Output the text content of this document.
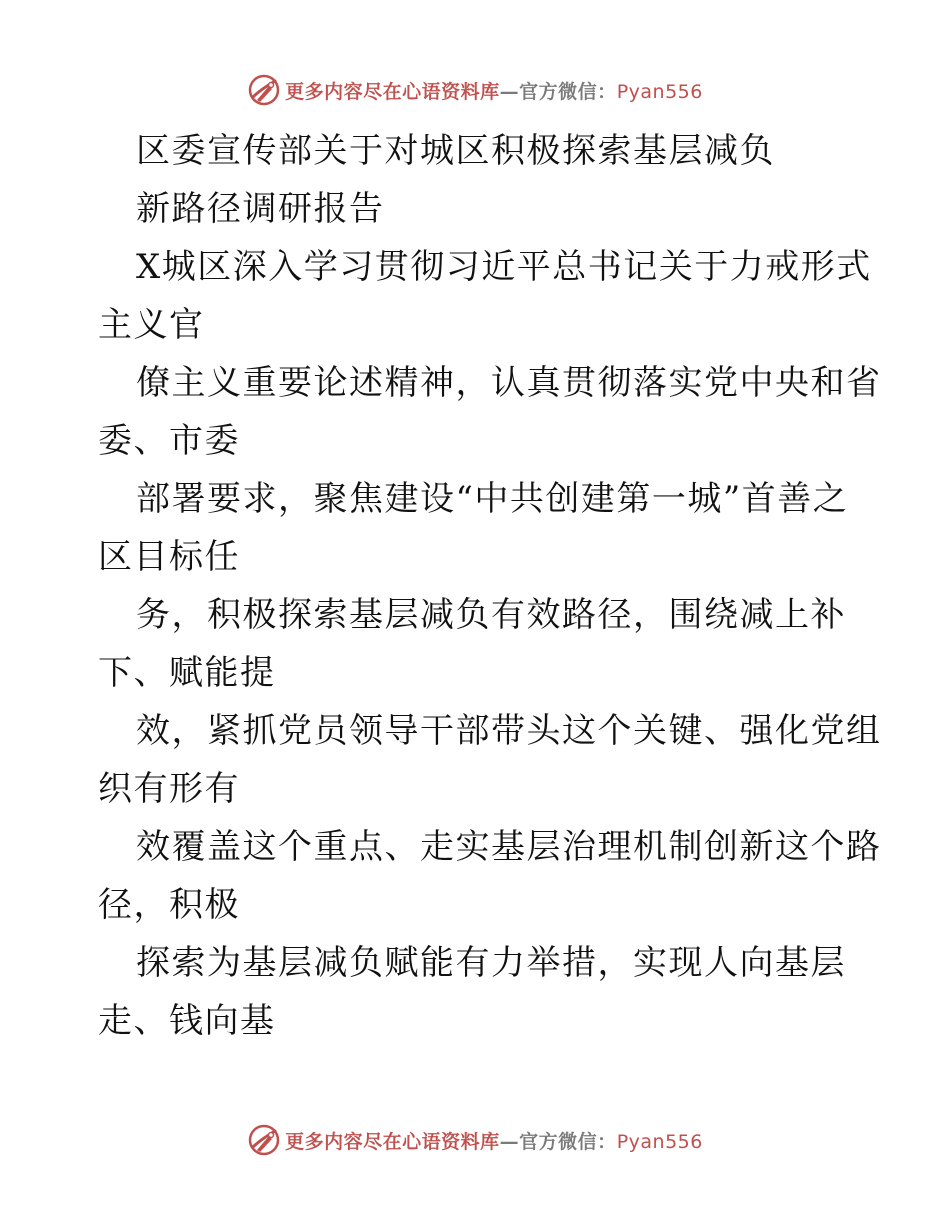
更多内容尽在心语资料库—官方微信：Pyan556
区委宣传部关于对城区积极探索基层减负
新路径调研报告
X城区深入学习贯彻习近平总书记关于力戒形式
主义官
僚主义重要论述精神，认真贯彻落实党中央和省
委、市委
部署要求，聚焦建设“中共创建第一城”首善之
区目标任
务，积极探索基层减负有效路径，围绕减上补
下、赋能提
效，紧抓党员领导干部带头这个关键、强化党组
织有形有
效覆盖这个重点、走实基层治理机制创新这个路
径，积极
探索为基层减负赋能有力举措，实现人向基层
走、钱向基
更多内容尽在心语资料库—官方微信：Pyan556
